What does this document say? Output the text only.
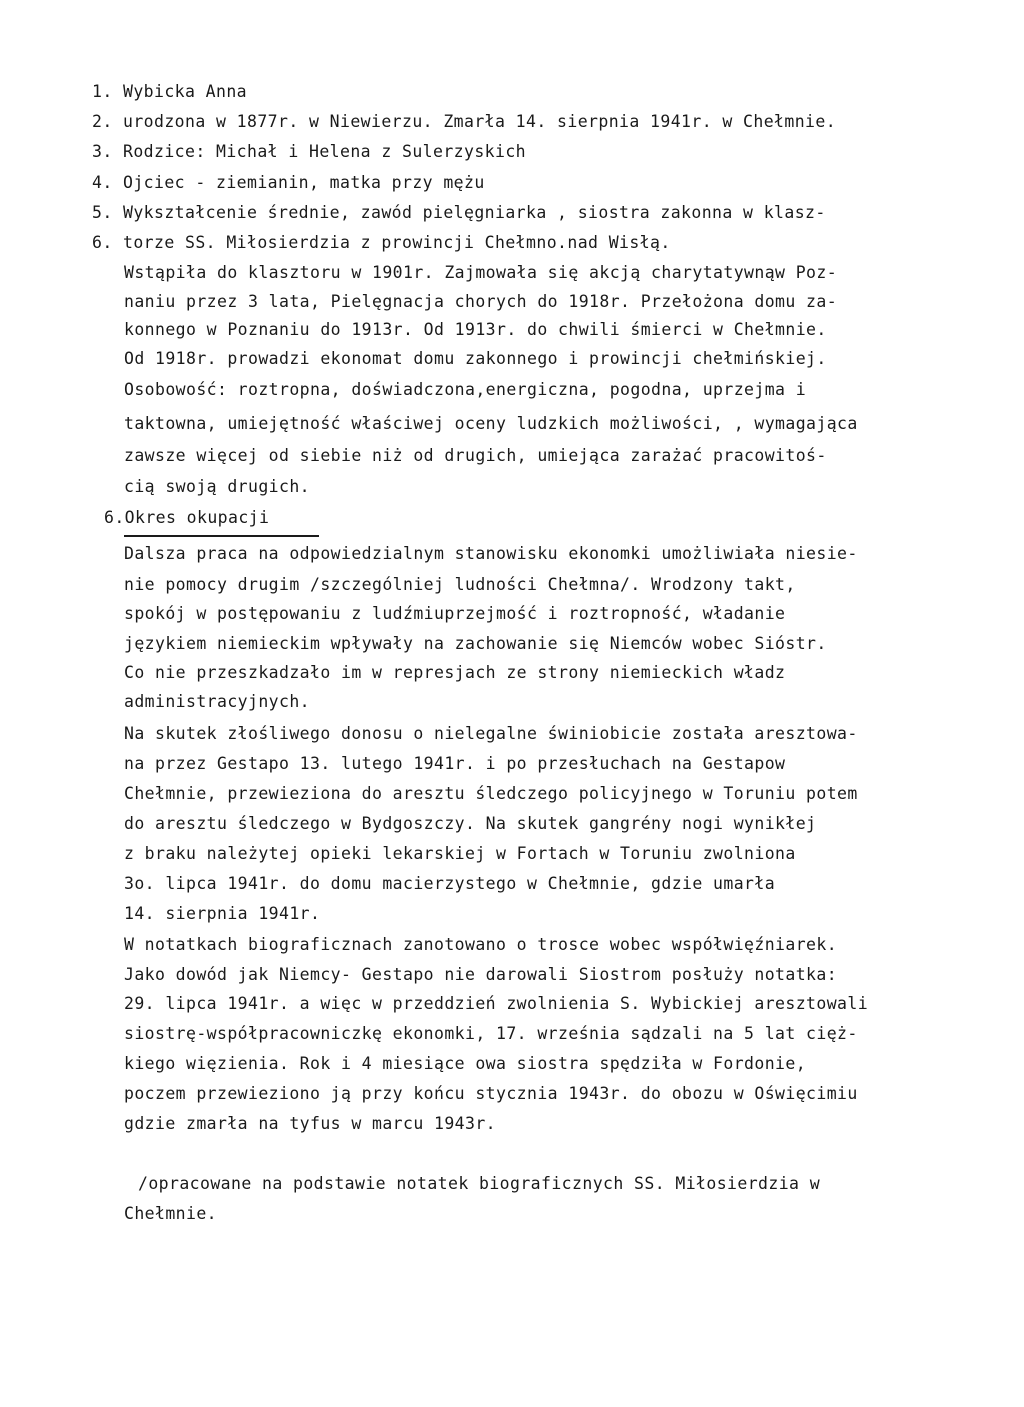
1. Wybicka Anna
2. urodzona w 1877r. w Niewierzu. Zmarła 14. sierpnia 1941r. w Chełmnie.
3. Rodzice: Michał i Helena z Sulerzyskich
4. Ojciec - ziemianin, matka przy mężu
5. Wykształcenie średnie, zawód pielęgniarka , siostra zakonna w klasz-
6. torze SS. Miłosierdzia z prowincji Chełmno.nad Wisłą.
Wstąpiła do klasztoru w 1901r. Zajmowała się akcją charytatywnąw Poz-
naniu przez 3 lata, Pielęgnacja chorych do 1918r. Przełożona domu za-
konnego w Poznaniu do 1913r. Od 1913r. do chwili śmierci w Chełmnie.
Od 1918r. prowadzi ekonomat domu zakonnego i prowincji chełmińskiej.
Osobowość: roztropna, doświadczona,energiczna, pogodna, uprzejma i
taktowna, umiejętność właściwej oceny ludzkich możliwości, , wymagająca
zawsze więcej od siebie niż od drugich, umiejąca zarażać pracowitoś-
cią swoją drugich.
6.Okres okupacji
Dalsza praca na odpowiedzialnym stanowisku ekonomki umożliwiała niesie-
nie pomocy drugim /szczególniej ludności Chełmna/. Wrodzony takt,
spokój w postępowaniu z ludźmiuprzejmość i roztropność, władanie
językiem niemieckim wpływały na zachowanie się Niemców wobec Sióstr.
Co nie przeszkadzało im w represjach ze strony niemieckich władz
administracyjnych.
Na skutek złośliwego donosu o nielegalne świniobicie została aresztowa-
na przez Gestapo 13. lutego 1941r. i po przesłuchach na Gestapow
Chełmnie, przewieziona do aresztu śledczego policyjnego w Toruniu potem
do aresztu śledczego w Bydgoszczy. Na skutek gangrény nogi wynikłej
z braku należytej opieki lekarskiej w Fortach w Toruniu zwolniona
3o. lipca 1941r. do domu macierzystego w Chełmnie, gdzie umarła
14. sierpnia 1941r.
W notatkach biograficznach zanotowano o trosce wobec współwięźniarek.
Jako dowód jak Niemcy- Gestapo nie darowali Siostrom posłuży notatka:
29. lipca 1941r. a więc w przeddzień zwolnienia S. Wybickiej aresztowali
siostrę-współpracowniczkę ekonomki, 17. września sądzali na 5 lat cięż-
kiego więzienia. Rok i 4 miesiące owa siostra spędziła w Fordonie,
poczem przewieziono ją przy końcu stycznia 1943r. do obozu w Oświęcimiu
gdzie zmarła na tyfus w marcu 1943r.
/opracowane na podstawie notatek biograficznych SS. Miłosierdzia w
Chełmnie.
